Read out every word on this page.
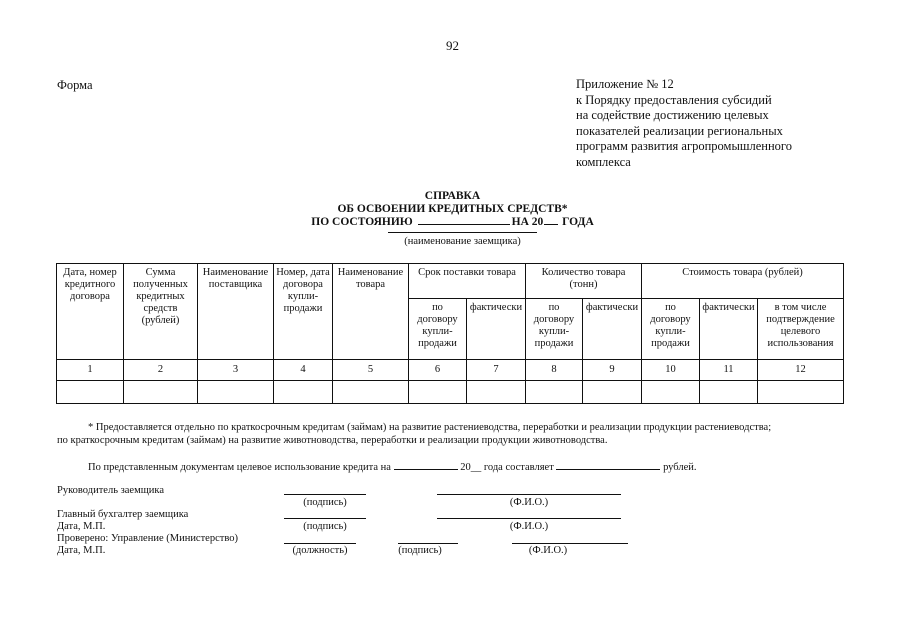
92
Форма	Приложение № 12
к Порядку предоставления субсидий
на содействие достижению целевых
показателей реализации региональных
программ развития агропромышленного
комплекса
СПРАВКА
ОБ ОСВОЕНИИ КРЕДИТНЫХ СРЕДСТВ*
ПО СОСТОЯНИЮ	НА 20 ГОДА
(наименование заемщика)
Дата, номер кредитного договора	Сумма полученных кредитных средств (рублей)	Наименование поставщика	Номер, дата договора купли-продажи	Наименование товара	Срок поставки товара		Количество товара (тонн)		Стоимость товара (рублей)		
					по договору купли-продажи	фактически	по договору купли-продажи	фактически	по договору купли-продажи	фактически	в том числе подтверждение целевого использования
1	2	3	4	5	6	7	8	9	10	11	12

* Предоставляется отдельно по краткосрочным кредитам (займам) на развитие растениеводства, переработки и реализации продукции растениеводства;
по краткосрочным кредитам (займам) на развитие животноводства, переработки и реализации продукции животноводства.
По представленным документам целевое использование кредита на	20__ года составляет	рублей.
Руководитель заемщика
(подпись)	(Ф.И.О.)
Главный бухгалтер заемщика
Дата, М.П.	(подпись)	(Ф.И.О.)
Проверено: Управление (Министерство)
Дата, М.П.	(должность)	(подпись)	(Ф.И.О.)
